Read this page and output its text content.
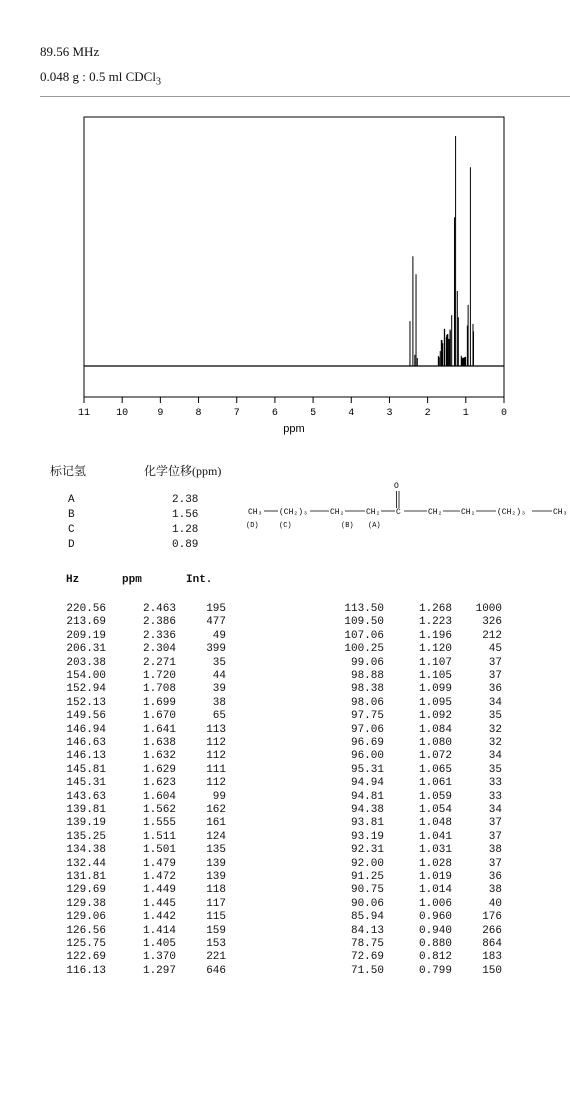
89.56 MHz
0.048 g : 0.5 ml CDCl$_3$
11	10	9	8	7	6	5	4	3	2	1	0
ppm
标记氢	化学位移(ppm)
A	2.38
B	1.56
C	1.28
D	0.89
O
CH₃ (CH₂)₃	CH₂	CH₂ C	CH₂ CH₂	(CH₂)₃	CH₃
(D)	(C)	(B) (A)
Hz	ppm	Int.
220.56	2.463	195
213.69	2.386	477
209.19	2.336	49
206.31	2.304	399
203.38	2.271	35
154.00	1.720	44
152.94	1.708	39
152.13	1.699	38
149.56	1.670	65
146.94	1.641	113
146.63	1.638	112
146.13	1.632	112
145.81	1.629	111
145.31	1.623	112
143.63	1.604	99
139.81	1.562	162
139.19	1.555	161
135.25	1.511	124
134.38	1.501	135
132.44	1.479	139
131.81	1.472	139
129.69	1.449	118
129.38	1.445	117
129.06	1.442	115
126.56	1.414	159
125.75	1.405	153
122.69	1.370	221
116.13	1.297	646
113.50	1.268	1000
109.50	1.223	326
107.06	1.196	212
100.25	1.120	45
99.06	1.107	37
98.88	1.105	37
98.38	1.099	36
98.06	1.095	34
97.75	1.092	35
97.06	1.084	32
96.69	1.080	32
96.00	1.072	34
95.31	1.065	35
94.94	1.061	33
94.81	1.059	33
94.38	1.054	34
93.81	1.048	37
93.19	1.041	37
92.31	1.031	38
92.00	1.028	37
91.25	1.019	36
90.75	1.014	38
90.06	1.006	40
85.94	0.960	176
84.13	0.940	266
78.75	0.880	864
72.69	0.812	183
71.50	0.799	150
